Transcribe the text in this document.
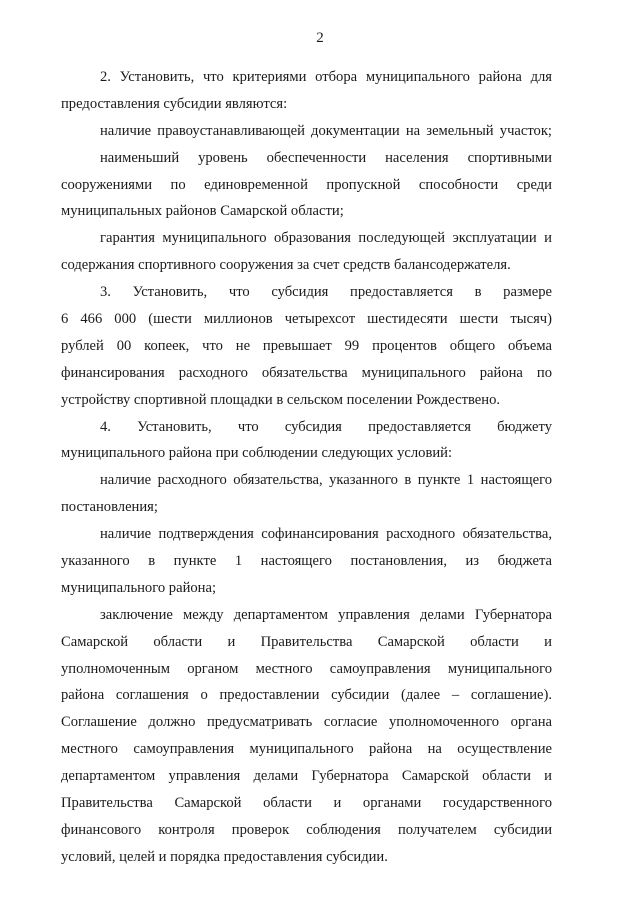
2
2. Установить, что критериями отбора муниципального района для
предоставления субсидии являются:
наличие правоустанавливающей документации на земельный участок;
наименьший уровень обеспеченности населения спортивными
сооружениями по единовременной пропускной способности среди
муниципальных районов Самарской области;
гарантия муниципального образования последующей эксплуатации и
содержания спортивного сооружения за счет средств балансодержателя.
3. Установить, что субсидия предоставляется в размере
6 466 000 (шести миллионов четырехсот шестидесяти шести тысяч)
рублей 00 копеек, что не превышает 99 процентов общего объема
финансирования расходного обязательства муниципального района по
устройству спортивной площадки в сельском поселении Рождествено.
4. Установить, что субсидия предоставляется бюджету
муниципального района при соблюдении следующих условий:
наличие расходного обязательства, указанного в пункте 1 настоящего
постановления;
наличие подтверждения софинансирования расходного обязательства,
указанного в пункте 1 настоящего постановления, из бюджета
муниципального района;
заключение между департаментом управления делами Губернатора
Самарской области и Правительства Самарской области и
уполномоченным органом местного самоуправления муниципального
района соглашения о предоставлении субсидии (далее – соглашение).
Соглашение должно предусматривать согласие уполномоченного органа
местного самоуправления муниципального района на осуществление
департаментом управления делами Губернатора Самарской области и
Правительства Самарской области и органами государственного
финансового контроля проверок соблюдения получателем субсидии
условий, целей и порядка предоставления субсидии.
